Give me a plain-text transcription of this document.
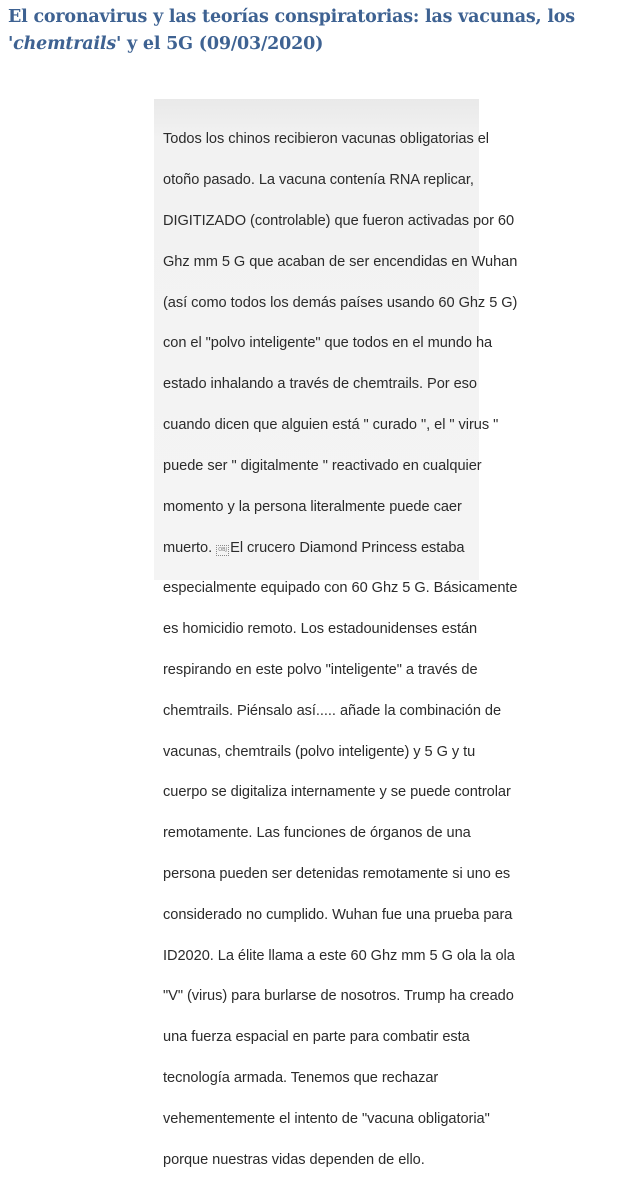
El coronavirus y las teorías conspiratorias: las vacunas, los
'chemtrails' y el 5G (09/03/2020)

Todos los chinos recibieron vacunas obligatorias el

otoño pasado. La vacuna contenía RNA replicar,

DIGITIZADO (controlable) que fueron activadas por 60

Ghz mm 5 G que acaban de ser encendidas en Wuhan

(así como todos los demás países usando 60 Ghz 5 G)

con el "polvo inteligente" que todos en el mundo ha

estado inhalando a través de chemtrails. Por eso

cuando dicen que alguien está " curado ", el " virus "

puede ser " digitalmente " reactivado en cualquier

momento y la persona literalmente puede caer

muerto. OBJ El crucero Diamond Princess estaba

especialmente equipado con 60 Ghz 5 G. Básicamente

es homicidio remoto. Los estadounidenses están

respirando en este polvo "inteligente" a través de

chemtrails. Piénsalo así..... añade la combinación de

vacunas, chemtrails (polvo inteligente) y 5 G y tu

cuerpo se digitaliza internamente y se puede controlar

remotamente. Las funciones de órganos de una

persona pueden ser detenidas remotamente si uno es

considerado no cumplido. Wuhan fue una prueba para

ID2020. La élite llama a este 60 Ghz mm 5 G ola la ola

"V" (virus) para burlarse de nosotros. Trump ha creado

una fuerza espacial en parte para combatir esta

tecnología armada. Tenemos que rechazar

vehementemente el intento de "vacuna obligatoria"

porque nuestras vidas dependen de ello.
